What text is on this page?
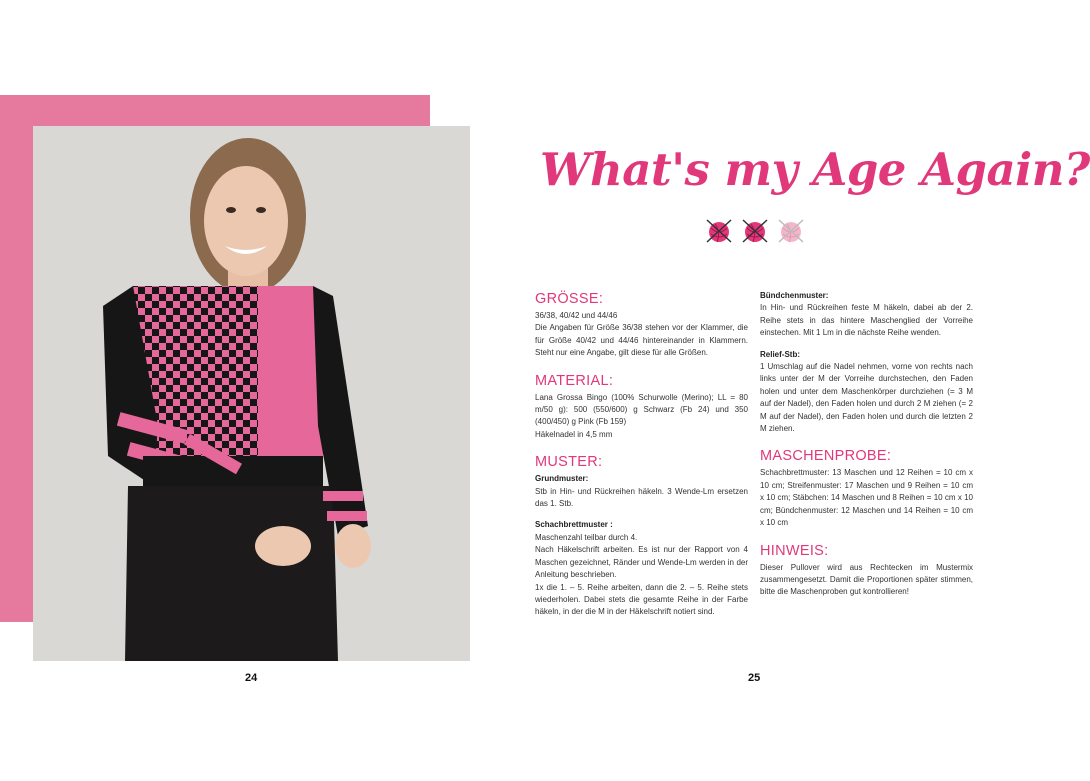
24
What's my Age Again?
GRÖSSE:

36/38, 40/42 und 44/46

Die Angaben für Größe 36/38 stehen vor der Klammer, die für Größe 40/42 und 44/46 hintereinander in Klammern. Steht nur eine Angabe, gilt diese für alle Größen.

MATERIAL:

Lana Grossa Bingo (100% Schurwolle (Merino); LL = 80 m/50 g): 500 (550/600) g Schwarz (Fb 24) und 350 (400/450) g Pink (Fb 159)

Häkelnadel in 4,5 mm

MUSTER:

Grundmuster:

Stb in Hin- und Rückreihen häkeln. 3 Wende-Lm ersetzen das 1. Stb.

Schachbrettmuster :

Maschenzahl teilbar durch 4.

Nach Häkelschrift arbeiten. Es ist nur der Rapport von 4 Maschen gezeichnet, Ränder und Wende-Lm werden in der Anleitung beschrieben.

1x die 1. – 5. Reihe arbeiten, dann die 2. – 5. Reihe stets wiederholen. Dabei stets die gesamte Reihe in der Farbe häkeln, in der die M in der Häkelschrift notiert sind.

Bündchenmuster:

In Hin- und Rückreihen feste M häkeln, dabei ab der 2. Reihe stets in das hintere Maschenglied der Vorreihe einstechen. Mit 1 Lm in die nächste Reihe wenden.

Relief-Stb:

1 Umschlag auf die Nadel nehmen, vorne von rechts nach links unter der M der Vorreihe durchstechen, den Faden holen und unter dem Maschenkörper durchziehen (= 3 M auf der Nadel), den Faden holen und durch 2 M ziehen (= 2 M auf der Nadel), den Faden holen und durch die letzten 2 M ziehen.

MASCHENPROBE:

Schachbrettmuster: 13 Maschen und 12 Reihen = 10 cm x 10 cm; Streifenmuster: 17 Maschen und 9 Reihen = 10 cm x 10 cm; Stäbchen: 14 Maschen und 8 Reihen = 10 cm x 10 cm; Bündchenmuster: 12 Maschen und 14 Reihen = 10 cm x 10 cm

HINWEIS:

Dieser Pullover wird aus Rechtecken im Mustermix zusammengesetzt. Damit die Proportionen später stimmen, bitte die Maschenproben gut kontrollieren!

25
